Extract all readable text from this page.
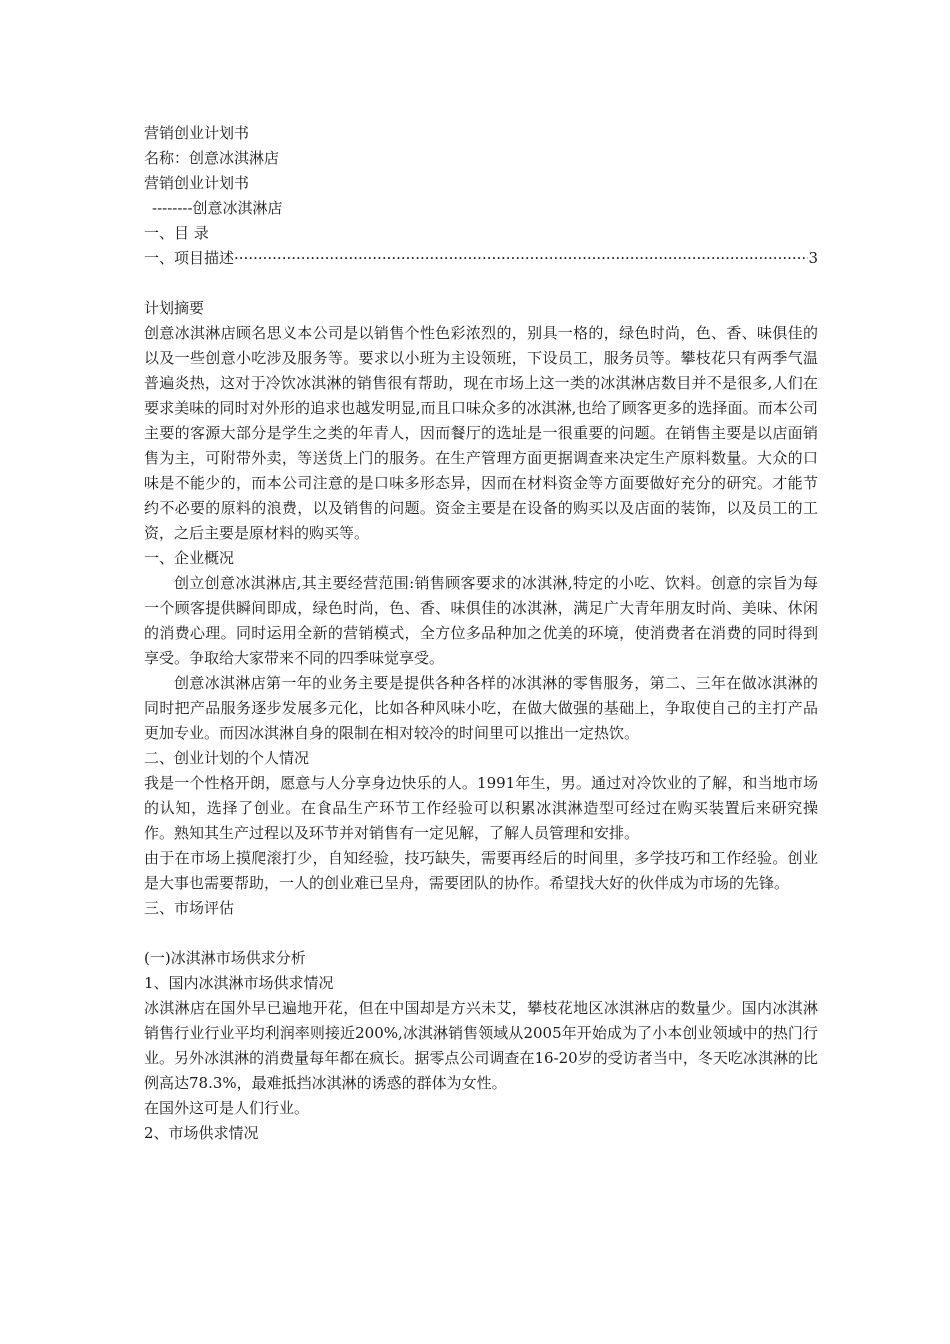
营销创业计划书

名称：创意冰淇淋店

营销创业计划书

--------创意冰淇淋店

一、目 录

一、项目描述
·····	3

计划摘要

创意冰淇淋店顾名思义本公司是以销售个性色彩浓烈的，别具一格的，绿色时尚，色、香、味俱佳的以及一些创意小吃涉及服务等。要求以小班为主设领班，下设员工，服务员等。攀枝花只有两季气温普遍炎热，这对于冷饮冰淇淋的销售很有帮助，现在市场上这一类的冰淇淋店数目并不是很多,人们在要求美味的同时对外形的追求也越发明显,而且口味众多的冰淇淋,也给了顾客更多的选择面。而本公司主要的客源大部分是学生之类的年青人，因而餐厅的选址是一很重要的问题。在销售主要是以店面销售为主，可附带外卖，等送货上门的服务。在生产管理方面更据调查来决定生产原料数量。大众的口味是不能少的，而本公司注意的是口味多形态异，因而在材料资金等方面要做好充分的研究。才能节约不必要的原料的浪费，以及销售的问题。资金主要是在设备的购买以及店面的装饰，以及员工的工资，之后主要是原材料的购买等。

一、企业概况

创立创意冰淇淋店,其主要经营范围:销售顾客要求的冰淇淋,特定的小吃、饮料。创意的宗旨为每一个顾客提供瞬间即成，绿色时尚，色、香、味俱佳的冰淇淋，满足广大青年朋友时尚、美味、休闲的消费心理。同时运用全新的营销模式，全方位多品种加之优美的环境，使消费者在消费的同时得到享受。争取给大家带来不同的四季味觉享受。

创意冰淇淋店第一年的业务主要是提供各种各样的冰淇淋的零售服务，第二、三年在做冰淇淋的同时把产品服务逐步发展多元化，比如各种风味小吃，在做大做强的基础上，争取使自己的主打产品更加专业。而因冰淇淋自身的限制在相对较冷的时间里可以推出一定热饮。

二、创业计划的个人情况

我是一个性格开朗，愿意与人分享身边快乐的人。1991年生，男。通过对冷饮业的了解，和当地市场的认知，选择了创业。在食品生产环节工作经验可以积累冰淇淋造型可经过在购买装置后来研究操作。熟知其生产过程以及环节并对销售有一定见解，了解人员管理和安排。

由于在市场上摸爬滚打少，自知经验，技巧缺失，需要再经后的时间里，多学技巧和工作经验。创业是大事也需要帮助，一人的创业难已呈舟，需要团队的协作。希望找大好的伙伴成为市场的先锋。

三、市场评估

(一)冰淇淋市场供求分析

1、国内冰淇淋市场供求情况

冰淇淋店在国外早已遍地开花，但在中国却是方兴未艾，攀枝花地区冰淇淋店的数量少。国内冰淇淋销售行业行业平均利润率则接近200%,冰淇淋销售领域从2005年开始成为了小本创业领域中的热门行业。另外冰淇淋的消费量每年都在疯长。据零点公司调查在16-20岁的受访者当中，冬天吃冰淇淋的比例高达78.3%，最难抵挡冰淇淋的诱惑的群体为女性。

在国外这可是人们行业。

2、市场供求情况
